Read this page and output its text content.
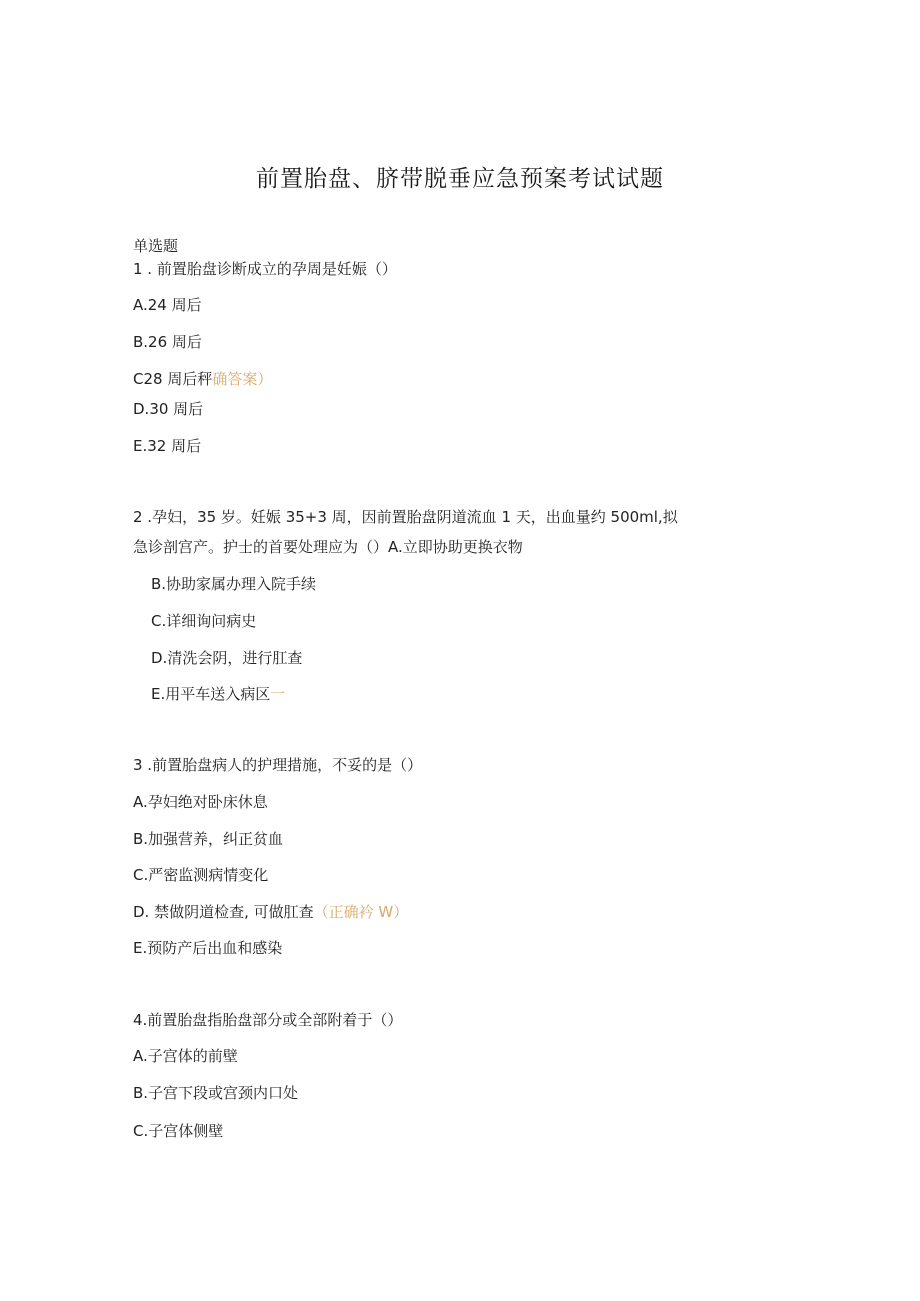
前置胎盘、脐带脱垂应急预案考试试题
单选题
1 . 前置胎盘诊断成立的孕周是妊娠（）
A.24 周后
B.26 周后
C28 周后秤确答案）
D.30 周后
E.32 周后
2 .孕妇，35 岁。妊娠 35+3 周，因前置胎盘阴道流血 1 天，出血量约 500ml,拟
急诊剖宫产。护士的首要处理应为（）A.立即协助更换衣物
B.协助家属办理入院手续
C.详细询问病史
D.清洗会阴，进行肛查
E.用平车送入病区一
3 .前置胎盘病人的护理措施，不妥的是（）
A.孕妇绝对卧床休息
B.加强营养，纠正贫血
C.严密监测病情变化
D. 禁做阴道检查, 可做肛查（正确衿 W）
E.预防产后出血和感染
4.前置胎盘指胎盘部分或全部附着于（）
A.子宫体的前壁
B.子宫下段或宫颈内口处
C.子宫体侧壁
